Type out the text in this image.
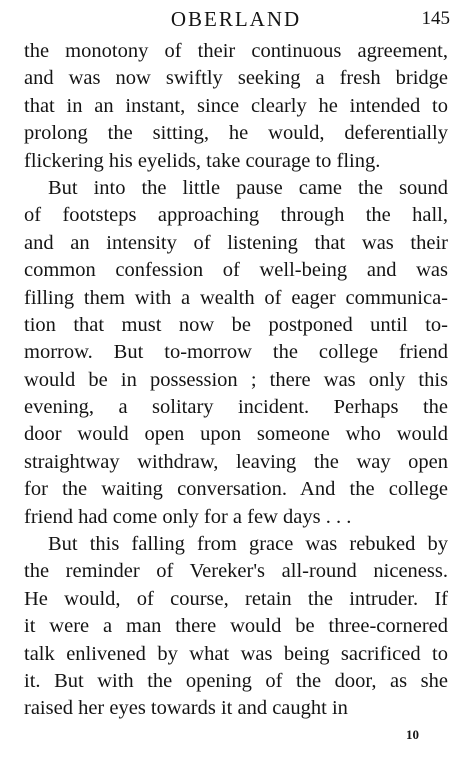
OBERLAND	145
the monotony of their continuous agreement,
and was now swiftly seeking a fresh bridge
that in an instant, since clearly he intended to
prolong the sitting, he would, deferentially
flickering his eyelids, take courage to fling.
But into the little pause came the sound
of footsteps approaching through the hall,
and an intensity of listening that was their
common confession of well-being and was
filling them with a wealth of eager communica-
tion that must now be postponed until to-
morrow. But to-morrow the college friend
would be in possession ; there was only this
evening, a solitary incident. Perhaps the
door would open upon someone who would
straightway withdraw, leaving the way open
for the waiting conversation. And the college
friend had come only for a few days . . .
But this falling from grace was rebuked by
the reminder of Vereker's all-round niceness.
He would, of course, retain the intruder. If
it were a man there would be three-cornered
talk enlivened by what was being sacrificed to
it. But with the opening of the door, as she
raised her eyes towards it and caught in
10
